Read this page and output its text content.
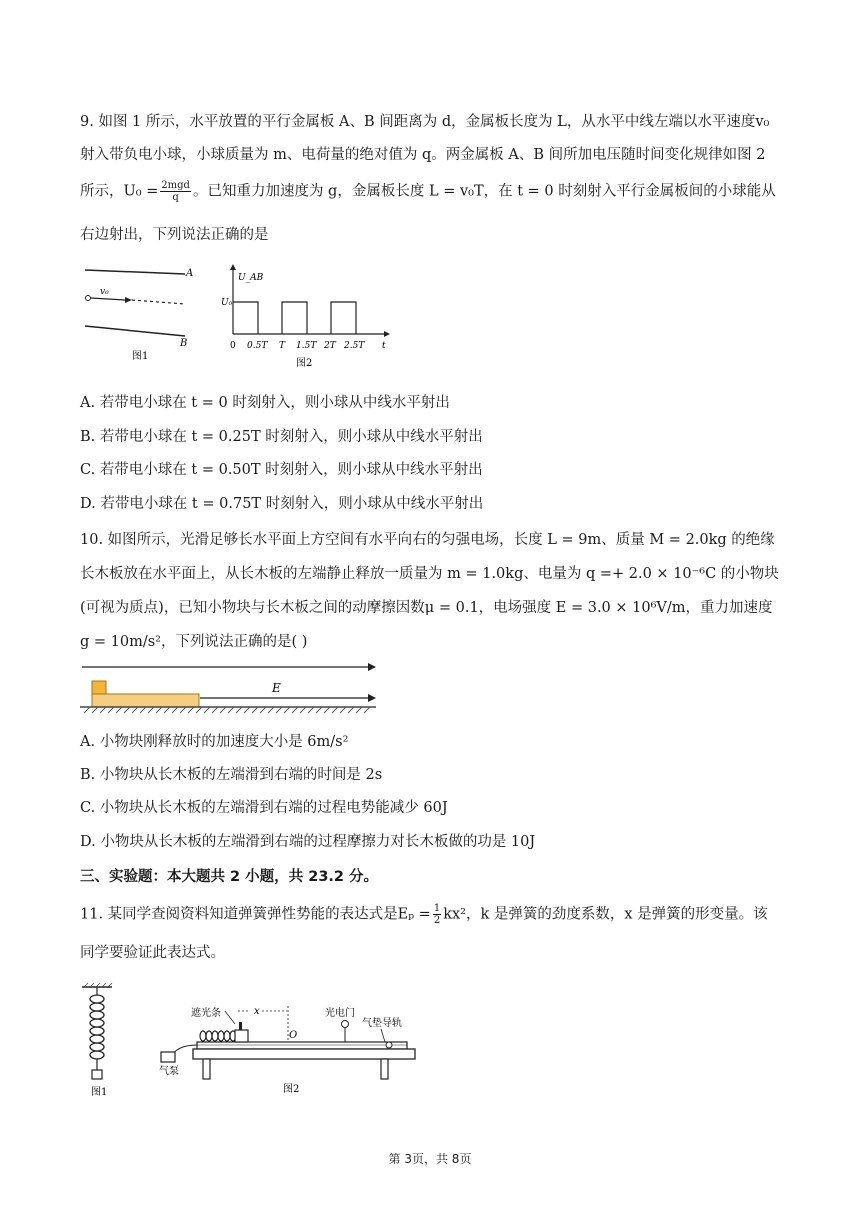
9. 如图 1 所示，水平放置的平行金属板 A、B 间距离为 d，金属板长度为 L，从水平中线左端以水平速度v₀
射入带负电小球，小球质量为 m、电荷量的绝对值为 q。两金属板 A、B 间所加电压随时间变化规律如图 2
所示，$U_0 = \frac{\text{2mgd}}{q}$ 。已知重力加速度为 g，金属板长度 L = v₀T，在 t = 0 时刻射入平行金属板间的小球能从
右边射出，下列说法正确的是
A
B
v₀
图1
U_AB
U₀
0 0.5T T 1.5T 2T 2.5T t
图2
A. 若带电小球在 t = 0 时刻射入，则小球从中线水平射出
B. 若带电小球在 t = 0.25T 时刻射入，则小球从中线水平射出
C. 若带电小球在 t = 0.50T 时刻射入，则小球从中线水平射出
D. 若带电小球在 t = 0.75T 时刻射入，则小球从中线水平射出
10. 如图所示，光滑足够长水平面上方空间有水平向右的匀强电场，长度 L = 9m、质量 M = 2.0kg 的绝缘
长木板放在水平面上，从长木板的左端静止释放一质量为 m = 1.0kg、电量为 q =+ 2.0 × 10⁻⁶C 的小物块
(可视为质点)，已知小物块与长木板之间的动摩擦因数μ = 0.1，电场强度 E = 3.0 × 10⁶V/m，重力加速度
g = 10m/s²，下列说法正确的是( )
E
A. 小物块刚释放时的加速度大小是 6m/s²
B. 小物块从长木板的左端滑到右端的时间是 2s
C. 小物块从长木板的左端滑到右端的过程电势能减少 60J
D. 小物块从长木板的左端滑到右端的过程摩擦力对长木板做的功是 10J
三、实验题：本大题共 2 小题，共 23.2 分。
11. 某同学查阅资料知道弹簧弹性势能的表达式是$E_p = \frac{1}{2} kx^2$，k 是弹簧的劲度系数，x 是弹簧的形变量。该
同学要验证此表达式。
图1
遮光条	x
O
光电门
气垫导轨
气泵
图2
第 3页，共 8页
